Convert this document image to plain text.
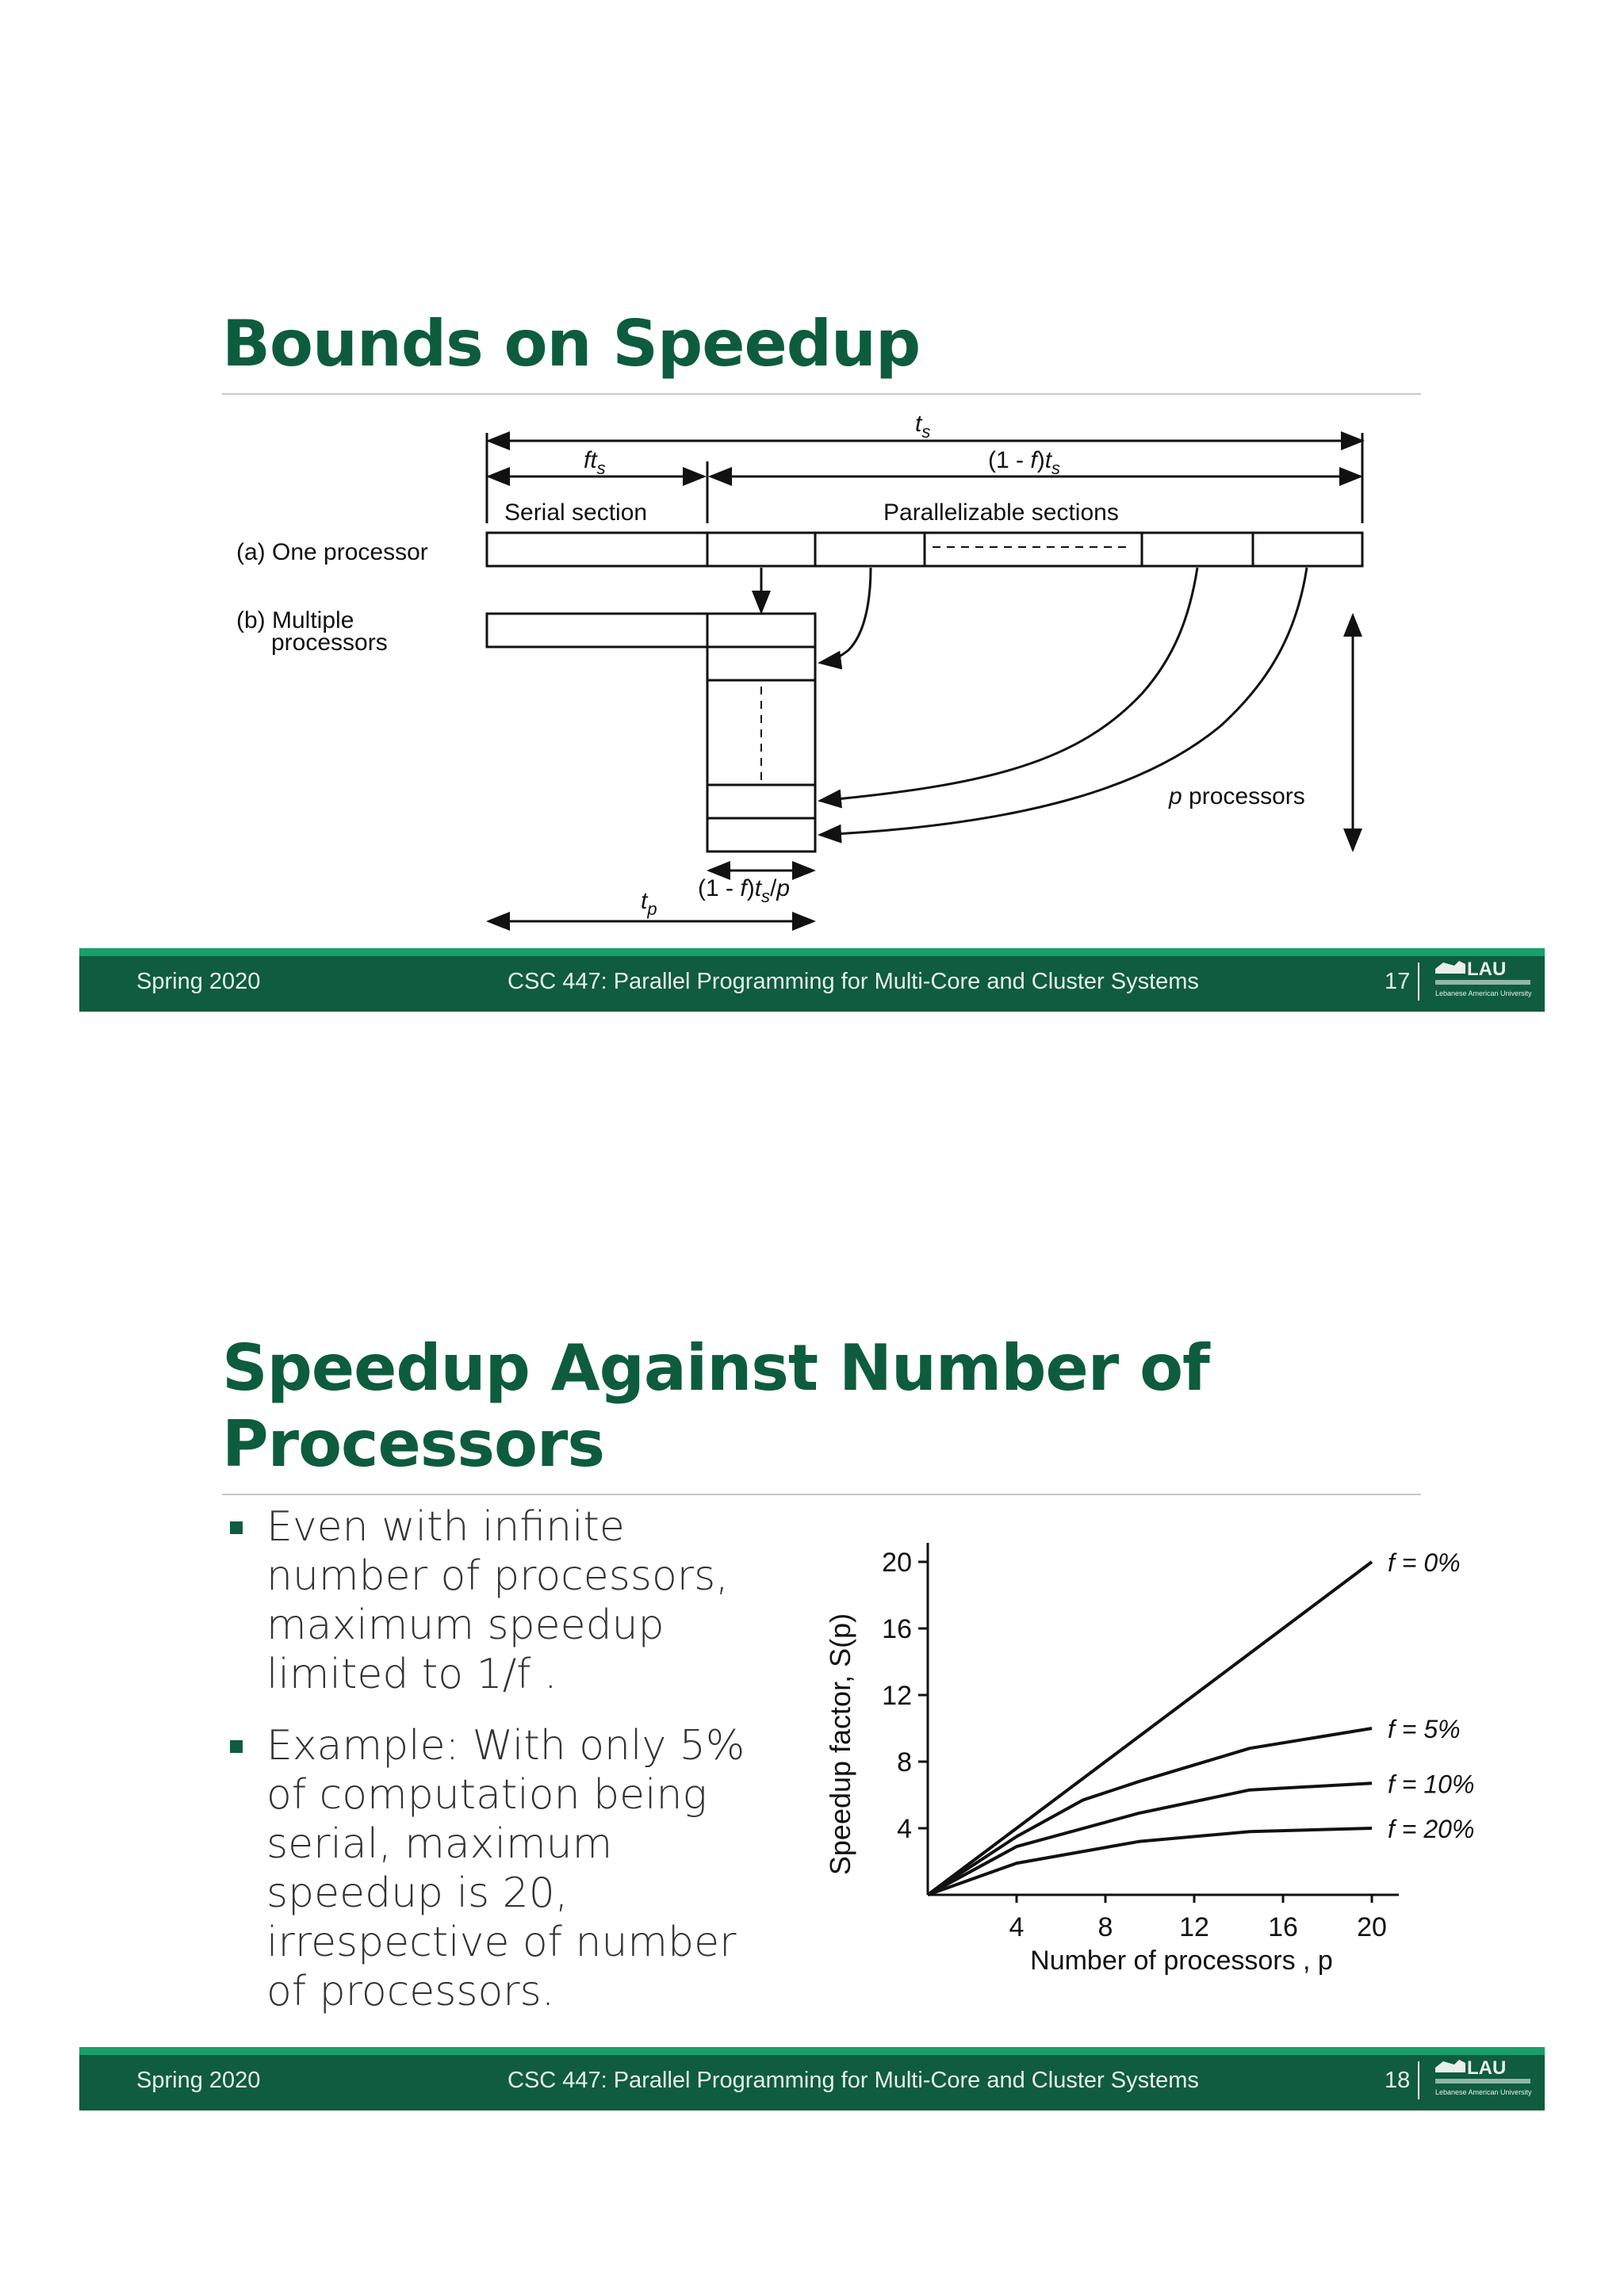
Bounds on Speedup
$t_s$
$ft_s$	$(1 - f)t_s$
Serial section	Parallelizable sections
(a) One processor
(b) Multiple
processors
p processors
$(1 - f)t_s/p$
$t_p$
Spring 2020	CSC 447: Parallel Programming for Multi-Core and Cluster Systems	17	LAU
Lebanese American University
Speedup Against Number of
Processors
Even with infinite number of processors, maximum speedup limited to 1/f .
Example: With only 5% of computation being serial, maximum speedup is 20, irrespective of number of processors.
4	8 12 16 20
4
8
12
16
20
Number of processors , p
Speedup factor, S(p)
f = 0%
f = 5%
f = 10%
f = 20%
Spring 2020	CSC 447: Parallel Programming for Multi-Core and Cluster Systems	18	LAU
Lebanese American University
